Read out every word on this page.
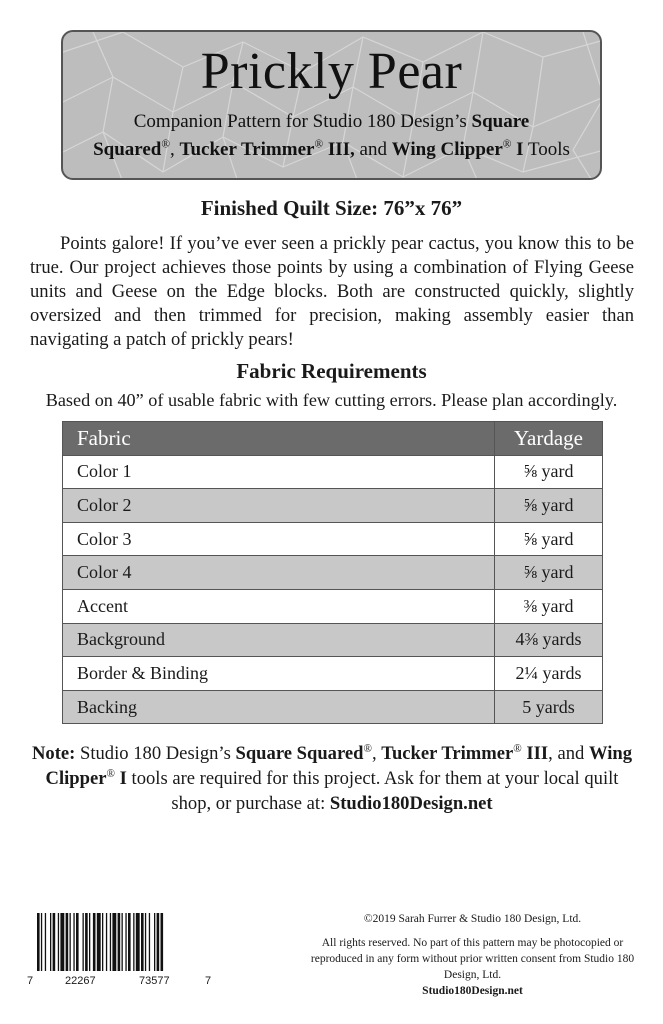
Prickly Pear
Companion Pattern for Studio 180 Design’s Square
Squared®, Tucker Trimmer® III, and Wing Clipper® I Tools
Finished Quilt Size: 76”x 76”
Points galore! If you’ve ever seen a prickly pear cactus, you know this to be true. Our project achieves those points by using a combination of Flying Geese units and Geese on the Edge blocks. Both are constructed quickly, slightly oversized and then trimmed for precision, making assembly easier than navigating a patch of prickly pears!
Fabric Requirements
Based on 40” of usable fabric with few cutting errors. Please plan accordingly.
Fabric	Yardage
Color 1	⅝ yard
Color 2	⅝ yard
Color 3	⅝ yard
Color 4	⅝ yard
Accent	⅜ yard
Background	4⅜ yards
Border & Binding	2¼ yards
Backing	5 yards
Note: Studio 180 Design’s Square Squared®, Tucker Trimmer® III, and Wing Clipper® I tools are required for this project. Ask for them at your local quilt shop, or purchase at: Studio180Design.net
7	22267	73577	7
©2019 Sarah Furrer & Studio 180 Design, Ltd.
All rights reserved. No part of this pattern may be photocopied or reproduced in any form without prior written consent from Studio 180 Design, Ltd.
Studio180Design.net
